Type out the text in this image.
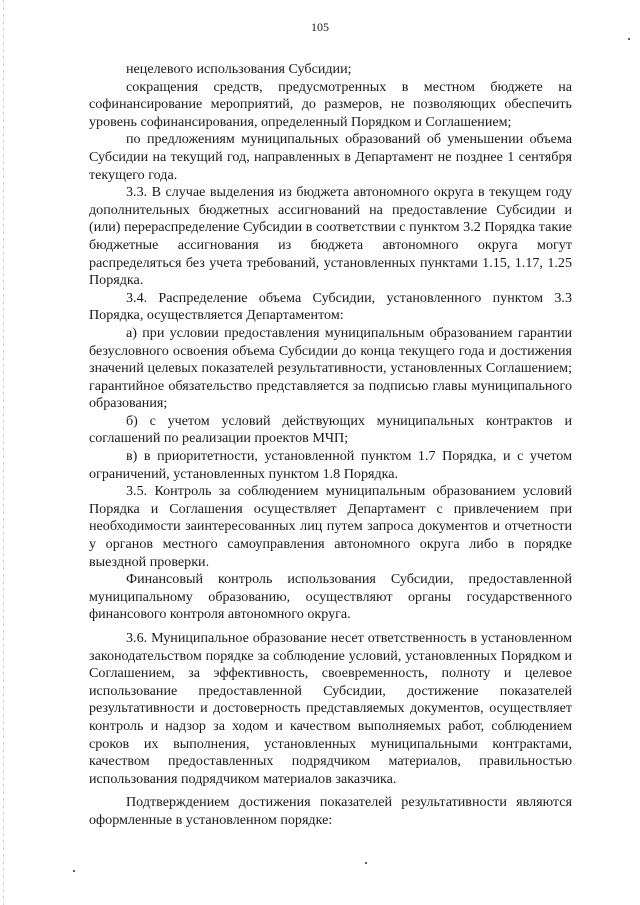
105

нецелевого использования Субсидии;

сокращения средств, предусмотренных в местном бюджете на софинансирование мероприятий, до размеров, не позволяющих обеспечить уровень софинансирования, определенный Порядком и Соглашением;

по предложениям муниципальных образований об уменьшении объема Субсидии на текущий год, направленных в Департамент не позднее 1 сентября текущего года.

3.3. В случае выделения из бюджета автономного округа в текущем году дополнительных бюджетных ассигнований на предоставление Субсидии и (или) перераспределение Субсидии в соответствии с пунктом 3.2 Порядка такие бюджетные ассигнования из бюджета автономного округа могут распределяться без учета требований, установленных пунктами 1.15, 1.17, 1.25 Порядка.

3.4. Распределение объема Субсидии, установленного пунктом 3.3 Порядка, осуществляется Департаментом:

а) при условии предоставления муниципальным образованием гарантии безусловного освоения объема Субсидии до конца текущего года и достижения значений целевых показателей результативности, установленных Соглашением; гарантийное обязательство представляется за подписью главы муниципального образования;

б) с учетом условий действующих муниципальных контрактов и соглашений по реализации проектов МЧП;

в) в приоритетности, установленной пунктом 1.7 Порядка, и с учетом ограничений, установленных пунктом 1.8 Порядка.

3.5. Контроль за соблюдением муниципальным образованием условий Порядка и Соглашения осуществляет Департамент с привлечением при необходимости заинтересованных лиц путем запроса документов и отчетности у органов местного самоуправления автономного округа либо в порядке выездной проверки.

Финансовый контроль использования Субсидии, предоставленной муниципальному образованию, осуществляют органы государственного финансового контроля автономного округа.

3.6. Муниципальное образование несет ответственность в установленном законодательством порядке за соблюдение условий, установленных Порядком и Соглашением, за эффективность, своевременность, полноту и целевое использование предоставленной Субсидии, достижение показателей результативности и достоверность представляемых документов, осуществляет контроль и надзор за ходом и качеством выполняемых работ, соблюдением сроков их выполнения, установленных муниципальными контрактами, качеством предоставленных подрядчиком материалов, правильностью использования подрядчиком материалов заказчика.

Подтверждением достижения показателей результативности являются оформленные в установленном порядке:
